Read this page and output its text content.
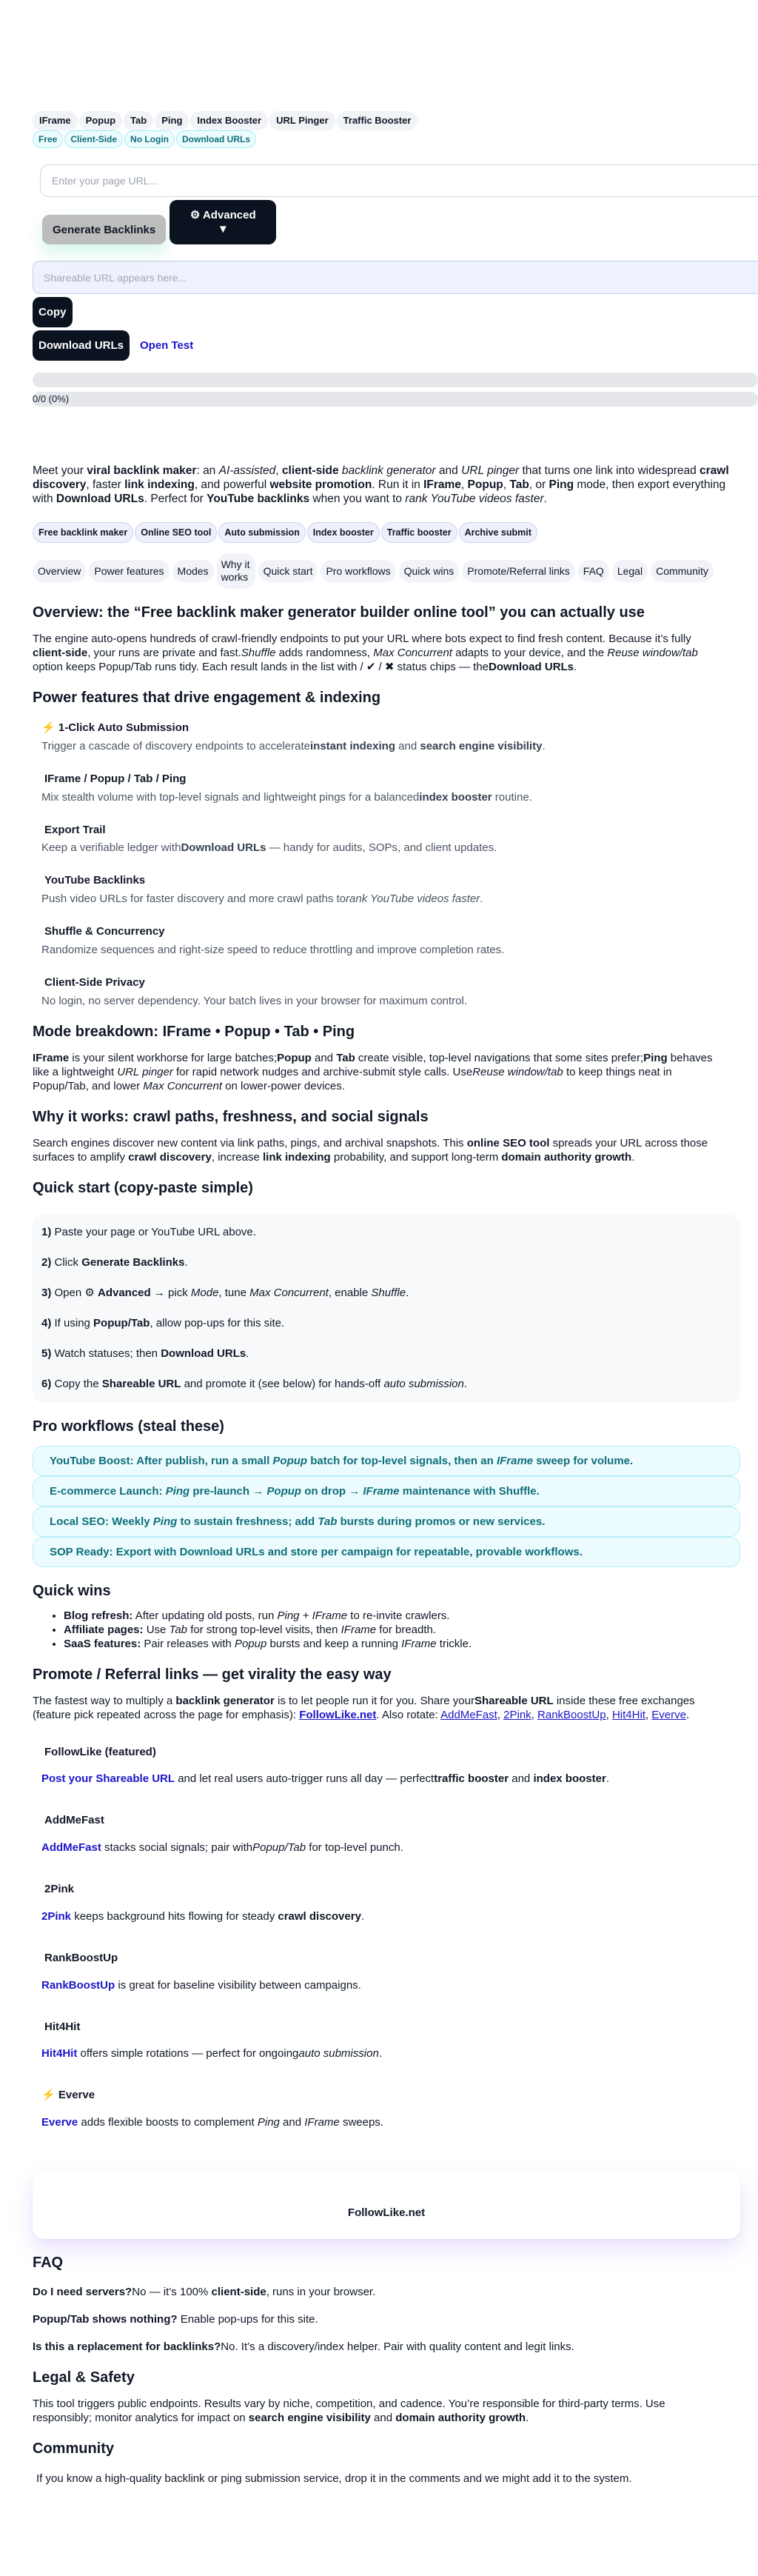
IFrame	Popup	Tab	Ping	Index Booster	URL Pinger	Traffic Booster
Free	Client-Side	No Login	Download URLs
Enter your page URL...
Generate Backlinks
⚙ Advanced
▼
Shareable URL appears here...
Copy
Download URLs	Open Test
0/0 (0%)

Meet your viral backlink maker: an AI-assisted, client-side backlink generator and URL pinger that turns one link into widespread crawl discovery, faster link indexing, and powerful website promotion. Run it in IFrame, Popup, Tab, or Ping mode, then export everything with Download URLs. Perfect for YouTube backlinks when you want to rank YouTube videos faster.

Free backlink maker	Online SEO tool	Auto submission	Index booster	Traffic booster	Archive submit
Overview	Power features	Modes
Why it works	Quick start	Pro workflows	Quick wins	Promote/Referral links	FAQ	Legal	Community
Overview: the “Free backlink maker generator builder online tool” you can actually use

The engine auto-opens hundreds of crawl-friendly endpoints to put your URL where bots expect to find fresh content. Because it’s fully client-side, your runs are private and fast.Shuffle adds randomness, Max Concurrent adapts to your device, and the Reuse window/tab option keeps Popup/Tab runs tidy. Each result lands in the list with / ✔ / ✖ status chips — theDownload URLs.

Power features that drive engagement & indexing
⚡ 1-Click Auto Submission

Trigger a cascade of discovery endpoints to accelerateinstant indexing and search engine visibility.

IFrame / Popup / Tab / Ping

Mix stealth volume with top-level signals and lightweight pings for a balancedindex booster routine.

Export Trail

Keep a verifiable ledger withDownload URLs — handy for audits, SOPs, and client updates.

YouTube Backlinks

Push video URLs for faster discovery and more crawl paths torank YouTube videos faster.

Shuffle & Concurrency

Randomize sequences and right-size speed to reduce throttling and improve completion rates.

Client-Side Privacy

No login, no server dependency. Your batch lives in your browser for maximum control.

Mode breakdown: IFrame • Popup • Tab • Ping

IFrame is your silent workhorse for large batches;Popup and Tab create visible, top-level navigations that some sites prefer;Ping behaves like a lightweight URL pinger for rapid network nudges and archive-submit style calls. UseReuse window/tab to keep things neat in Popup/Tab, and lower Max Concurrent on lower-power devices.

Why it works: crawl paths, freshness, and social signals

Search engines discover new content via link paths, pings, and archival snapshots. This online SEO tool spreads your URL across those surfaces to amplify crawl discovery, increase link indexing probability, and support long-term domain authority growth.

Quick start (copy-paste simple)
1) Paste your page or YouTube URL above.
2) Click Generate Backlinks.
3) Open ⚙ Advanced → pick Mode, tune Max Concurrent, enable Shuffle.
4) If using Popup/Tab, allow pop-ups for this site.
5) Watch statuses; then Download URLs.
6) Copy the Shareable URL and promote it (see below) for hands-off auto submission.
Pro workflows (steal these)
YouTube Boost: After publish, run a small Popup batch for top-level signals, then an IFrame sweep for volume.
E-commerce Launch: Ping pre-launch → Popup on drop → IFrame maintenance with Shuffle.
Local SEO: Weekly Ping to sustain freshness; add Tab bursts during promos or new services.
SOP Ready: Export with Download URLs and store per campaign for repeatable, provable workflows.
Quick wins
• Blog refresh: After updating old posts, run Ping + IFrame to re-invite crawlers.
• Affiliate pages: Use Tab for strong top-level visits, then IFrame for breadth.
• SaaS features: Pair releases with Popup bursts and keep a running IFrame trickle.
Promote / Referral links — get virality the easy way

The fastest way to multiply a backlink generator is to let people run it for you. Share yourShareable URL inside these free exchanges (feature pick repeated across the page for emphasis): FollowLike.net. Also rotate: AddMeFast, 2Pink, RankBoostUp, Hit4Hit, Everve.

FollowLike (featured)

Post your Shareable URL and let real users auto-trigger runs all day — perfecttraffic booster and index booster.

AddMeFast

AddMeFast stacks social signals; pair withPopup/Tab for top-level punch.

2Pink

2Pink keeps background hits flowing for steady crawl discovery.

RankBoostUp

RankBoostUp is great for baseline visibility between campaigns.

Hit4Hit

Hit4Hit offers simple rotations — perfect for ongoingauto submission.

⚡ Everve

Everve adds flexible boosts to complement Ping and IFrame sweeps.

FollowLike.net
FAQ

Do I need servers?No — it’s 100% client-side, runs in your browser.

Popup/Tab shows nothing? Enable pop-ups for this site.

Is this a replacement for backlinks?No. It’s a discovery/index helper. Pair with quality content and legit links.

Legal & Safety

This tool triggers public endpoints. Results vary by niche, competition, and cadence. You’re responsible for third-party terms. Use responsibly; monitor analytics for impact on search engine visibility and domain authority growth.

Community

If you know a high-quality backlink or ping submission service, drop it in the comments and we might add it to the system.
